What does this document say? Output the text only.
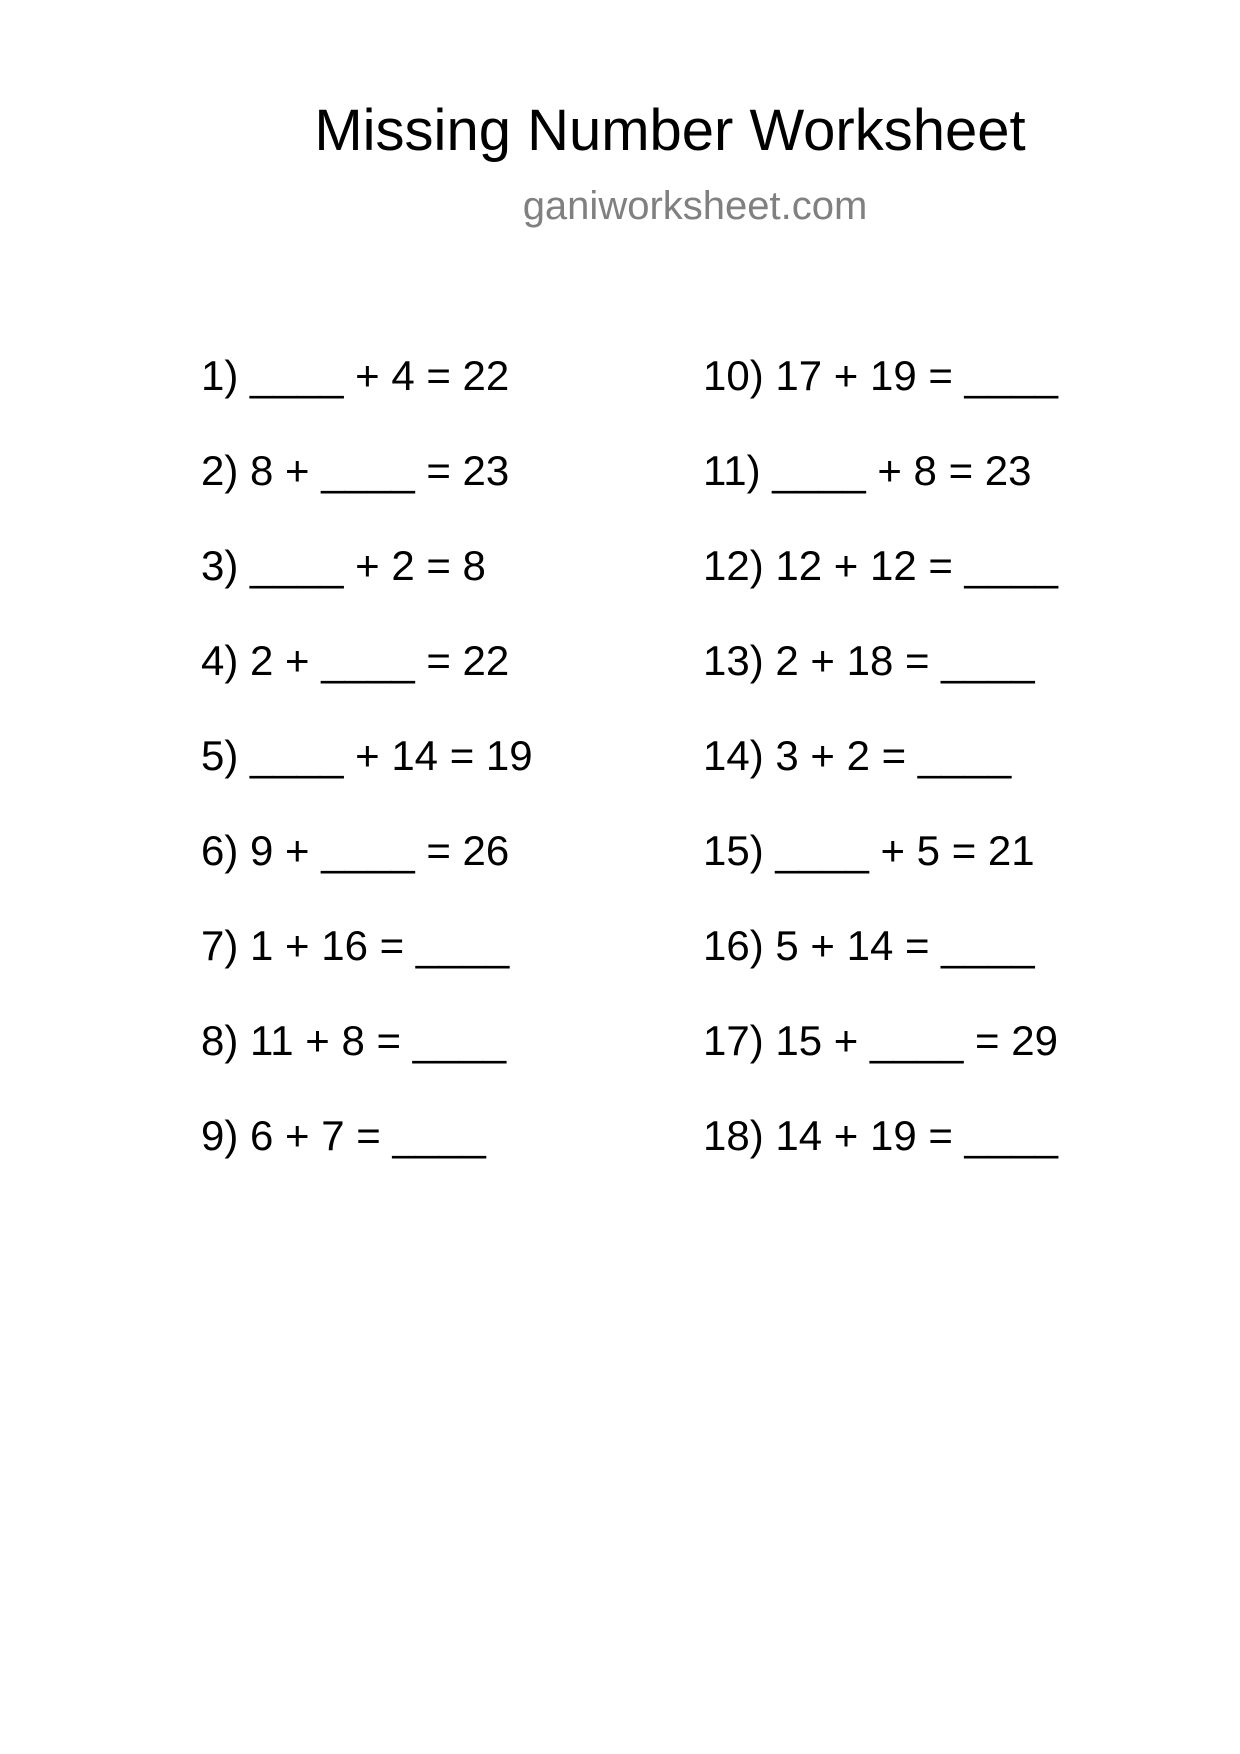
Missing Number Worksheet
ganiworksheet.com
1) ____ + 4 = 22
2) 8 + ____ = 23
3) ____ + 2 = 8
4) 2 + ____ = 22
5) ____ + 14 = 19
6) 9 + ____ = 26
7) 1 + 16 = ____
8) 11 + 8 = ____
9) 6 + 7 = ____
10) 17 + 19 = ____
11) ____ + 8 = 23
12) 12 + 12 = ____
13) 2 + 18 = ____
14) 3 + 2 = ____
15) ____ + 5 = 21
16) 5 + 14 = ____
17) 15 + ____ = 29
18) 14 + 19 = ____
